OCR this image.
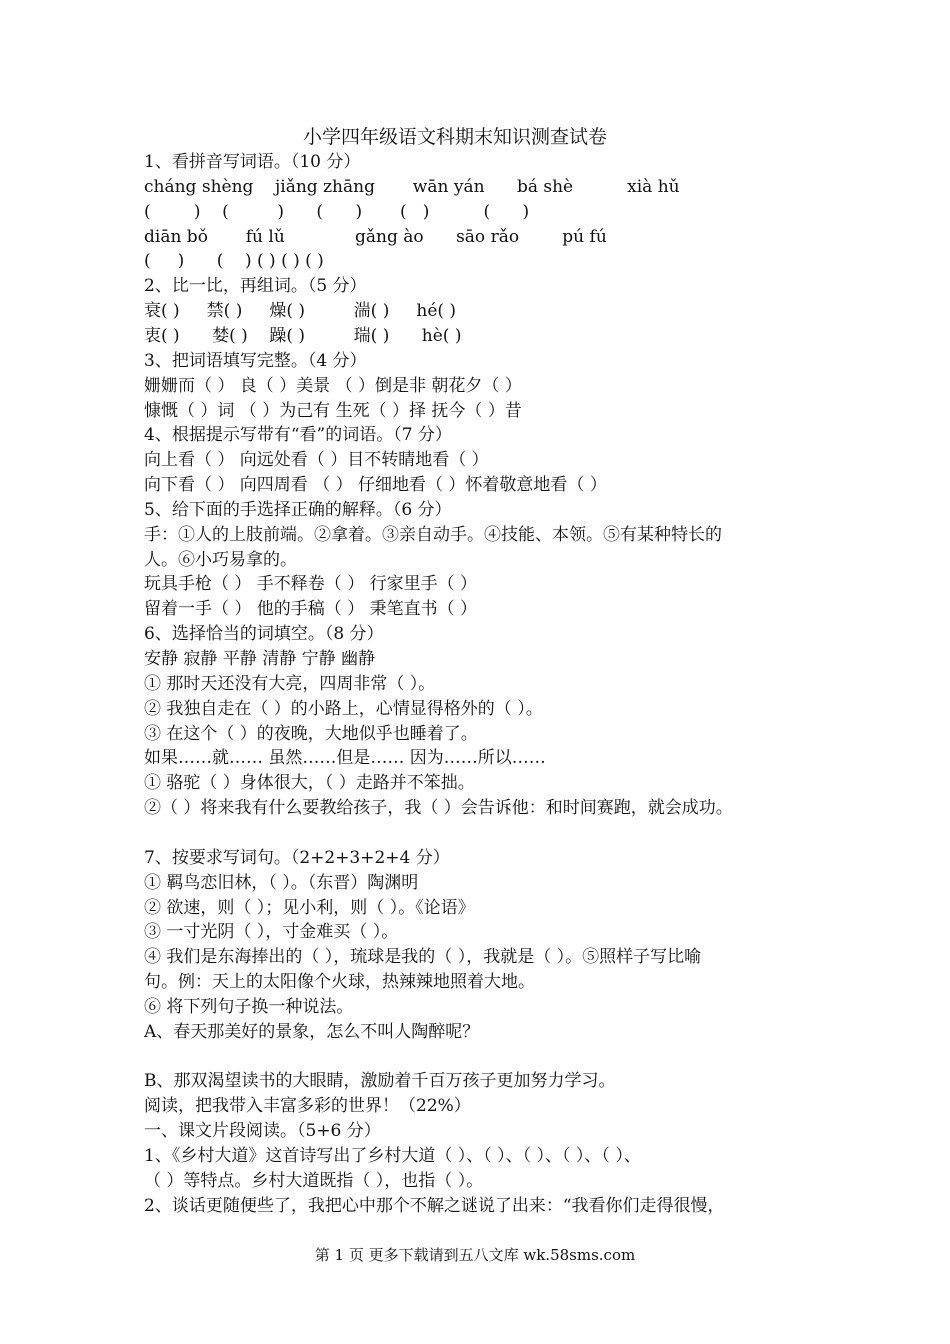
小学四年级语文科期末知识测查试卷
1、看拼音写词语。（10 分）
cháng shèng    jiǎng zhāng       wān yán      bá shè          xià hǔ
(        )    (         )      (      )       (   )          (      )
diān bǒ       fú lǔ             gǎng ào      sāo rǎo        pú fú
(     )      (    ) ( ) ( ) ( )
2、比一比，再组词。（5 分）
衰( )     禁( )     燥( )         湍( )     hé( )
衷( )      婪( )    躁( )         瑞( )      hè( )
3、把词语填写完整。（4 分）
姗姗而（ ） 良（ ）美景 （ ）倒是非 朝花夕（ ）
慷慨（ ）词 （ ）为己有 生死（ ）择 抚今（ ）昔
4、根据提示写带有“看”的词语。（7 分）
向上看（ ） 向远处看（ ）目不转睛地看（ ）
向下看（ ） 向四周看 （ ） 仔细地看（ ）怀着敬意地看（ ）
5、给下面的手选择正确的解释。（6 分）
手：①人的上肢前端。②拿着。③亲自动手。④技能、本领。⑤有某种特长的
人。⑥小巧易拿的。
玩具手枪（ ） 手不释卷（ ） 行家里手（ ）
留着一手（ ） 他的手稿（ ） 秉笔直书（ ）
6、选择恰当的词填空。（8 分）
安静 寂静 平静 清静 宁静 幽静
① 那时天还没有大亮，四周非常（ ）。
② 我独自走在（ ）的小路上，心情显得格外的（ ）。
③ 在这个（ ）的夜晚，大地似乎也睡着了。
如果……就…… 虽然……但是…… 因为……所以……
① 骆驼（ ）身体很大，（ ）走路并不笨拙。
②（ ）将来我有什么要教给孩子，我（ ）会告诉他：和时间赛跑，就会成功。
7、按要求写词句。（2+2+3+2+4 分）
① 羁鸟恋旧林，（ ）。（东晋）陶渊明
② 欲速，则（ ）；见小利，则（ ）。《论语》
③ 一寸光阴（ ），寸金难买（ ）。
④ 我们是东海捧出的（ ），琉球是我的（ ），我就是（ ）。⑤照样子写比喻
句。例：天上的太阳像个火球，热辣辣地照着大地。
⑥ 将下列句子换一种说法。
A、春天那美好的景象，怎么不叫人陶醉呢？
B、那双渴望读书的大眼睛，激励着千百万孩子更加努力学习。
阅读，把我带入丰富多彩的世界！（22%）
一、课文片段阅读。（5+6 分）
1、《乡村大道》这首诗写出了乡村大道（ ）、（ ）、（ ）、（ ）、（ ）、
（ ）等特点。乡村大道既指（ ），也指（ ）。
2、谈话更随便些了，我把心中那个不解之谜说了出来：“我看你们走得很慢，
第 1 页 更多下载请到五八文库 wk.58sms.com
